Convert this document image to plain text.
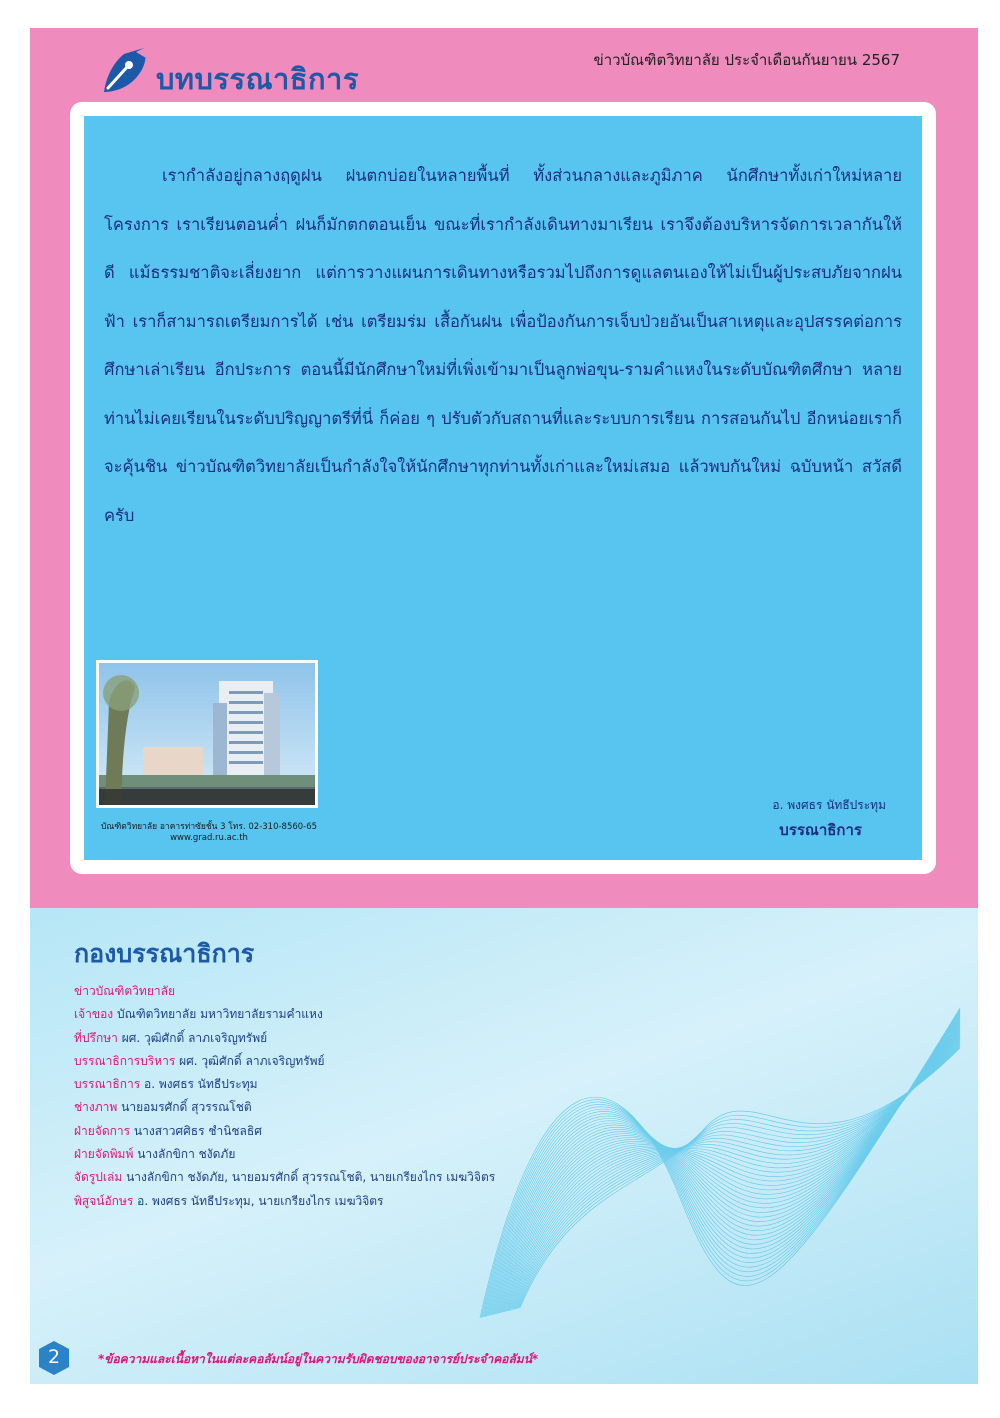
บทบรรณาธิการ
ข่าวบัณฑิตวิทยาลัย ประจำเดือนกันยายน 2567

เรากำลังอยู่กลางฤดูฝน ฝนตกบ่อยในหลายพื้นที่ ทั้งส่วนกลางและภูมิภาค นักศึกษาทั้งเก่าใหม่หลายโครงการ เราเรียนตอนค่ำ ฝนก็มักตกตอนเย็น ขณะที่เรากำลังเดินทางมาเรียน เราจึงต้องบริหารจัดการเวลากันให้ดี แม้ธรรมชาติจะเลี่ยงยาก แต่การวางแผนการเดินทางหรือรวมไปถึงการดูแลตนเองให้ไม่เป็นผู้ประสบภัยจากฝนฟ้า เราก็สามารถเตรียมการได้ เช่น เตรียมร่ม เสื้อกันฝน เพื่อป้องกันการเจ็บป่วยอันเป็นสาเหตุและอุปสรรคต่อการศึกษาเล่าเรียน อีกประการ ตอนนี้มีนักศึกษาใหม่ที่เพิ่งเข้ามาเป็นลูกพ่อขุน-รามคำแหงในระดับบัณฑิตศึกษา หลายท่านไม่เคยเรียนในระดับปริญญาตรีที่นี่ ก็ค่อย ๆ ปรับตัวกับสถานที่และระบบการเรียน การสอนกันไป อีกหน่อยเราก็จะคุ้นชิน ข่าวบัณฑิตวิทยาลัยเป็นกำลังใจให้นักศึกษาทุกท่านทั้งเก่าและใหม่เสมอ แล้วพบกันใหม่ ฉบับหน้า สวัสดีครับ

บัณฑิตวิทยาลัย อาคารท่าซัยชั้น 3 โทร. 02-310-8560-65
www.grad.ru.ac.th
อ. พงศธร นัทธีประทุม
บรรณาธิการ
กองบรรณาธิการ
ข่าวบัณฑิตวิทยาลัย
เจ้าของ บัณฑิตวิทยาลัย มหาวิทยาลัยรามคำแหง
ที่ปรึกษา ผศ. วุฒิศักดิ์ ลาภเจริญทรัพย์
บรรณาธิการบริหาร ผศ. วุฒิศักดิ์ ลาภเจริญทรัพย์
บรรณาธิการ อ. พงศธร นัทธีประทุม
ช่างภาพ นายอมรศักดิ์ สุวรรณโชติ
ฝ่ายจัดการ นางสาวศศิธร ชำนิชลธิศ
ฝ่ายจัดพิมพ์ นางลักขิกา ชงัดภัย
จัดรูปเล่ม นางลักขิกา ชงัดภัย, นายอมรศักดิ์ สุวรรณโชติ, นายเกรียงไกร เมฆวิจิตร
พิสูจน์อักษร อ. พงศธร นัทธีประทุม, นายเกรียงไกร เมฆวิจิตร
2	*ข้อความและเนื้อหาในแต่ละคอลัมน์อยู่ในความรับผิดชอบของอาจารย์ประจำคอลัมน์*
